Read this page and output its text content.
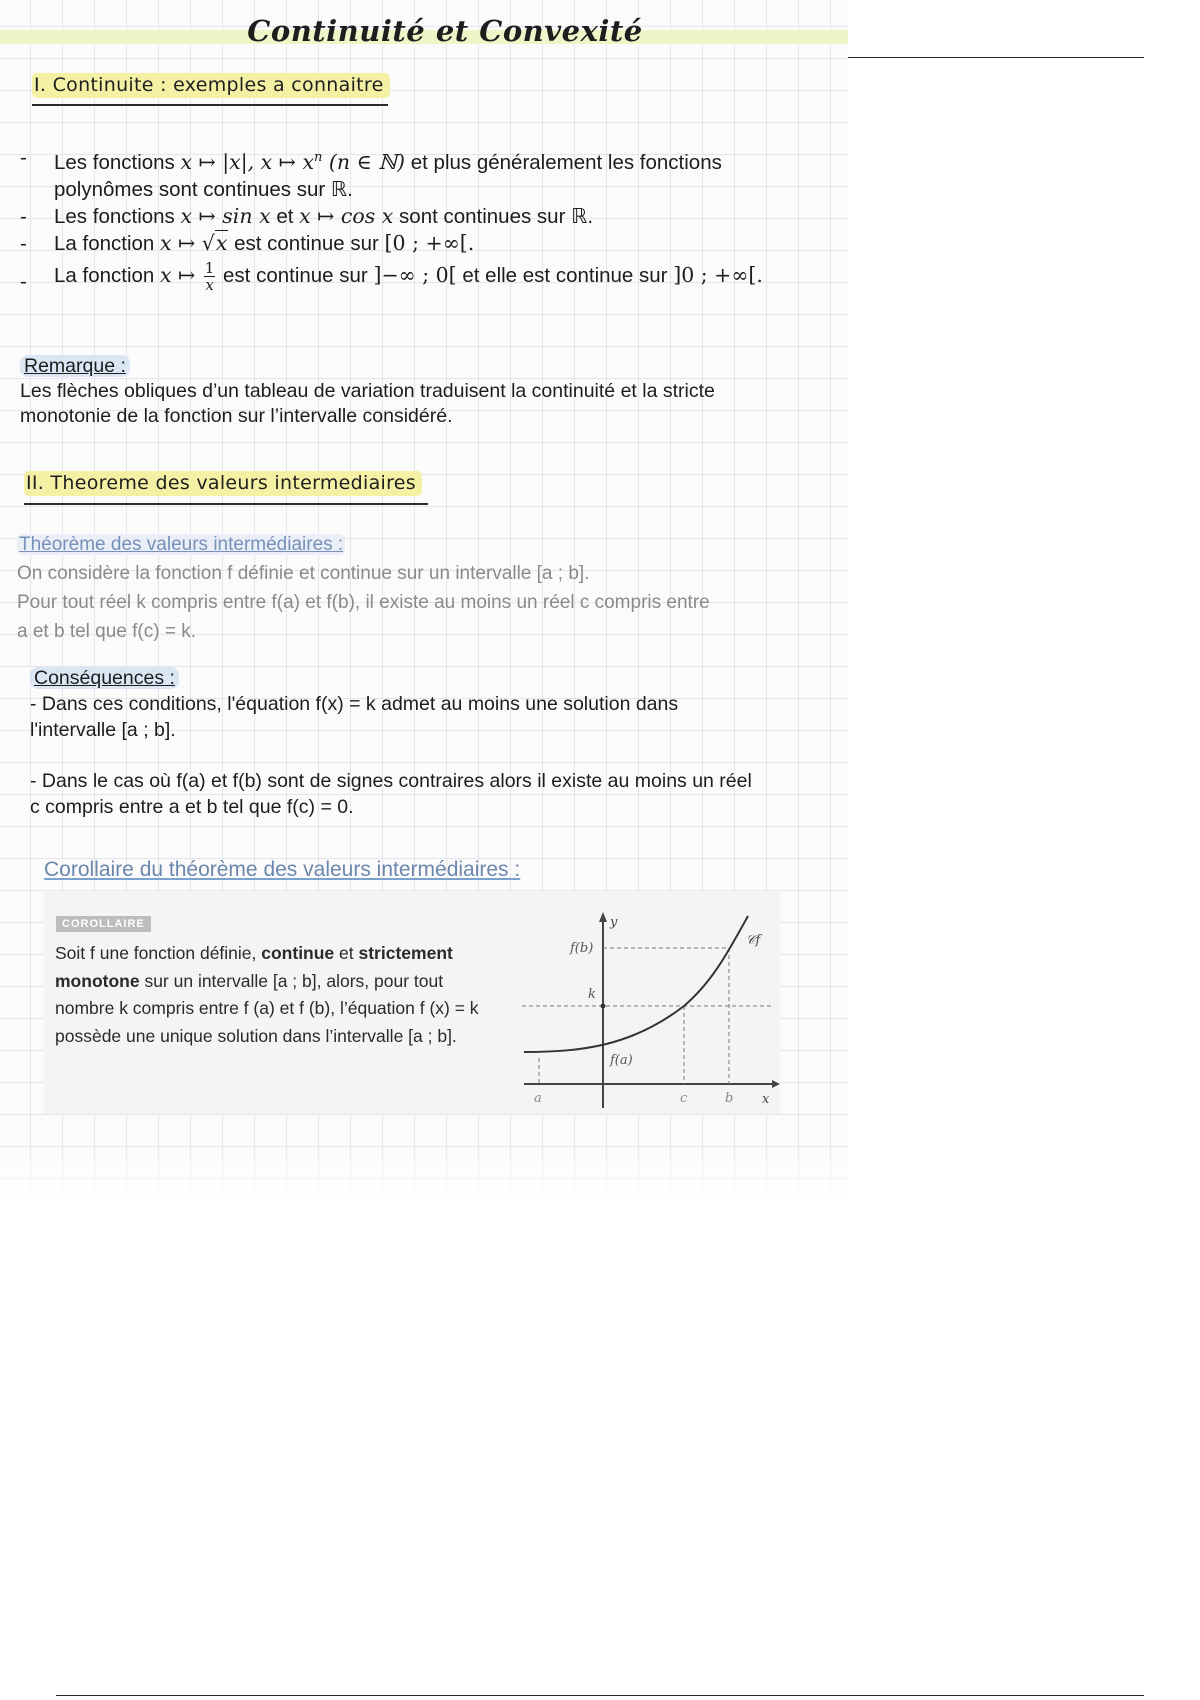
Continuité et Convexité
I. Continuite : exemples a connaitre
- Les fonctions x ↦ |x|, x ↦ $x^n$ (n ∈ ℕ) et plus généralement les fonctions
polynômes sont continues sur ℝ.
- Les fonctions x ↦ sin x et x ↦ cos x sont continues sur ℝ.
- La fonction x ↦ √x est continue sur [0 ; +∞[.
- La fonction x ↦ $\frac{1}{x}$ est continue sur ]−∞ ; 0[ et elle est continue sur ]0 ; +∞[.
Remarque :
Les flèches obliques d’un tableau de variation traduisent la continuité et la stricte
monotonie de la fonction sur l’intervalle considéré.
II. Theoreme des valeurs intermediaires
Théorème des valeurs intermédiaires :
On considère la fonction f définie et continue sur un intervalle [a ; b].
Pour tout réel k compris entre f(a) et f(b), il existe au moins un réel c compris entre
a et b tel que f(c) = k.
Conséquences :
- Dans ces conditions, l'équation f(x) = k admet au moins une solution dans
l'intervalle [a ; b].

- Dans le cas où f(a) et f(b) sont de signes contraires alors il existe au moins un réel
c compris entre a et b tel que f(c) = 0.
Corollaire du théorème des valeurs intermédiaires :
COROLLAIRE
Soit f une fonction définie, continue et strictement
monotone sur un intervalle [a ; b], alors, pour tout
nombre k compris entre f (a) et f (b), l’équation f (x) = k
possède une unique solution dans l’intervalle [a ; b].
y
x
f(b)
k
f(a)
a	c	b
𝒞f
